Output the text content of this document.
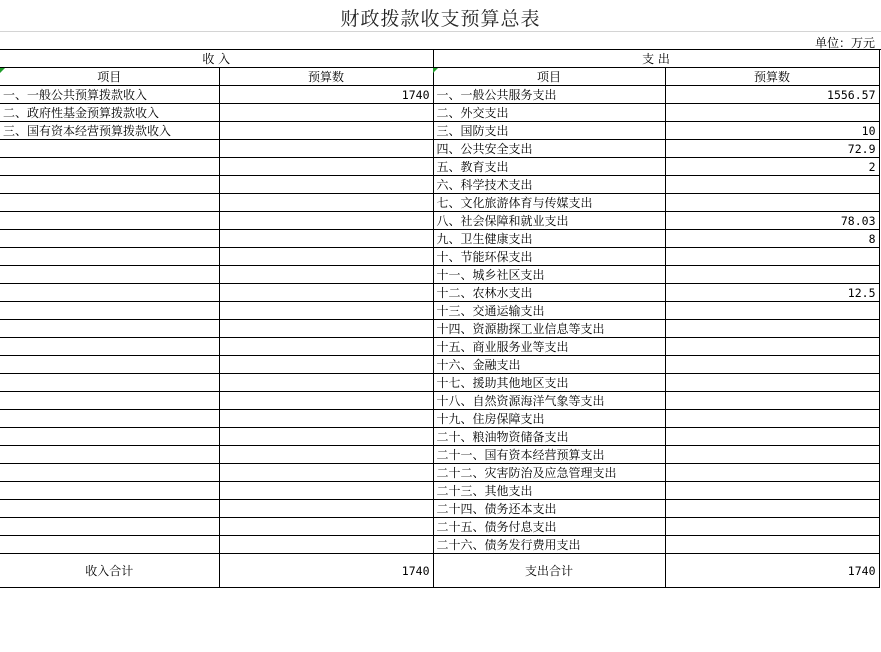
财政拨款收支预算总表
单位：万元
收 入		支 出	
项目	预算数	项目	预算数
一、一般公共预算拨款收入	1740	一、一般公共服务支出	1556.57
二、政府性基金预算拨款收入		二、外交支出	
三、国有资本经营预算拨款收入		三、国防支出	10
		四、公共安全支出	72.9
		五、教育支出	2
		六、科学技术支出	
		七、文化旅游体育与传媒支出	
		八、社会保障和就业支出	78.03
		九、卫生健康支出	8
		十、节能环保支出	
		十一、城乡社区支出	
		十二、农林水支出	12.5
		十三、交通运输支出	
		十四、资源勘探工业信息等支出	
		十五、商业服务业等支出	
		十六、金融支出	
		十七、援助其他地区支出	
		十八、自然资源海洋气象等支出	
		十九、住房保障支出	
		二十、粮油物资储备支出	
		二十一、国有资本经营预算支出	
		二十二、灾害防治及应急管理支出	
		二十三、其他支出	
		二十四、债务还本支出	
		二十五、债务付息支出	
		二十六、债务发行费用支出	
收入合计	1740	支出合计	1740
